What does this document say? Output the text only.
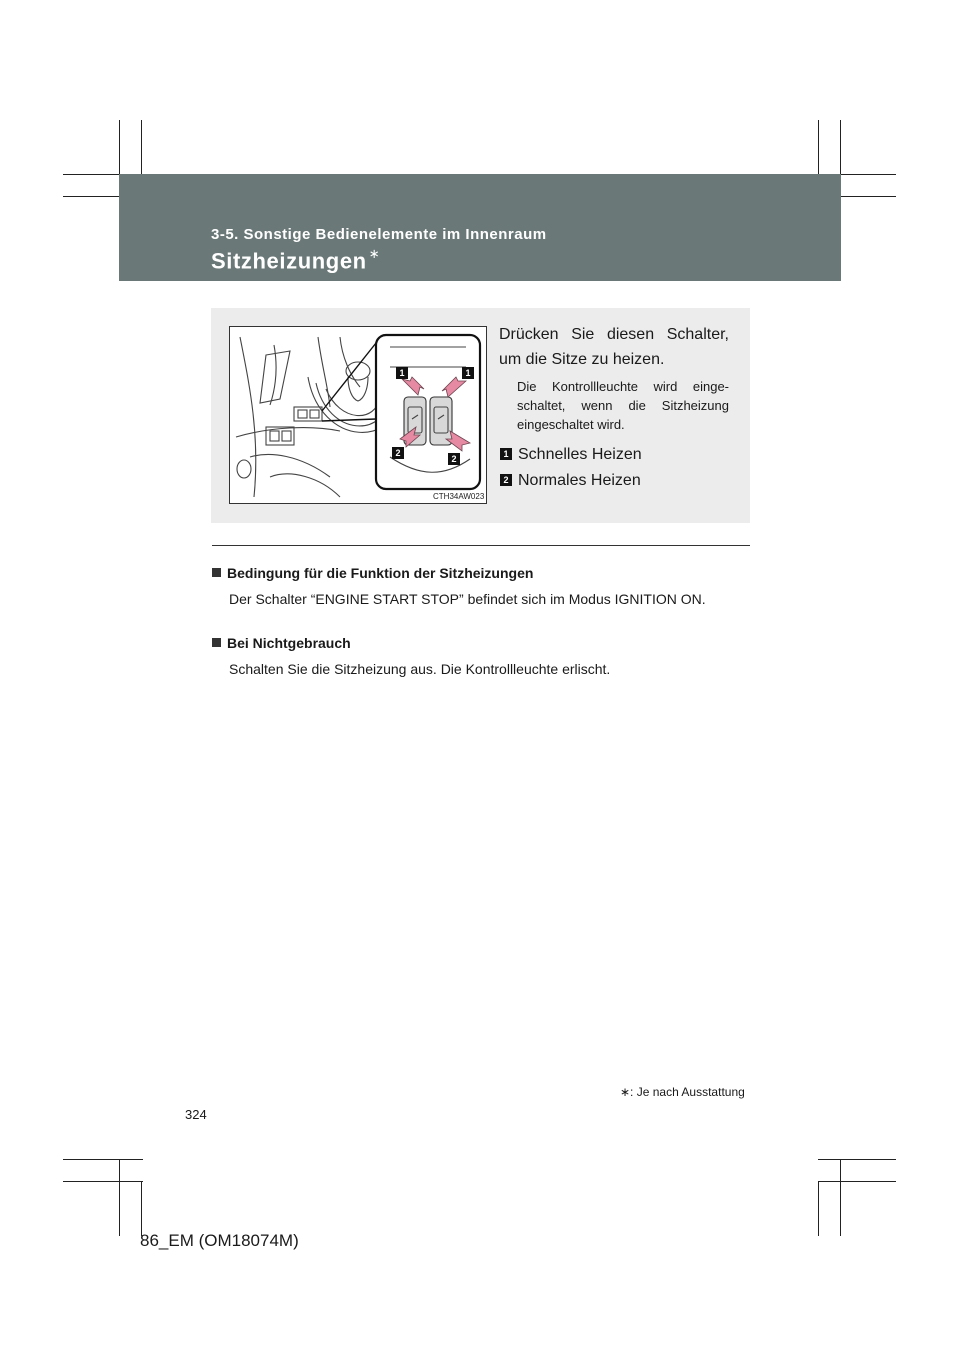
3-5. Sonstige Bedienelemente im Innenraum
Sitzheizungen ∗
1	1
2
2
CTH34AW023
Drücken Sie diesen Schalter, um die Sitze zu heizen.
Die Kontrollleuchte wird einge-schaltet, wenn die Sitzheizung eingeschaltet wird.
1 Schnelles Heizen
2 Normales Heizen
Bedingung für die Funktion der Sitzheizungen
Der Schalter “ENGINE START STOP” befindet sich im Modus IGNITION ON.
Bei Nichtgebrauch
Schalten Sie die Sitzheizung aus. Die Kontrollleuchte erlischt.
∗: Je nach Ausstattung
324
86_EM (OM18074M)
